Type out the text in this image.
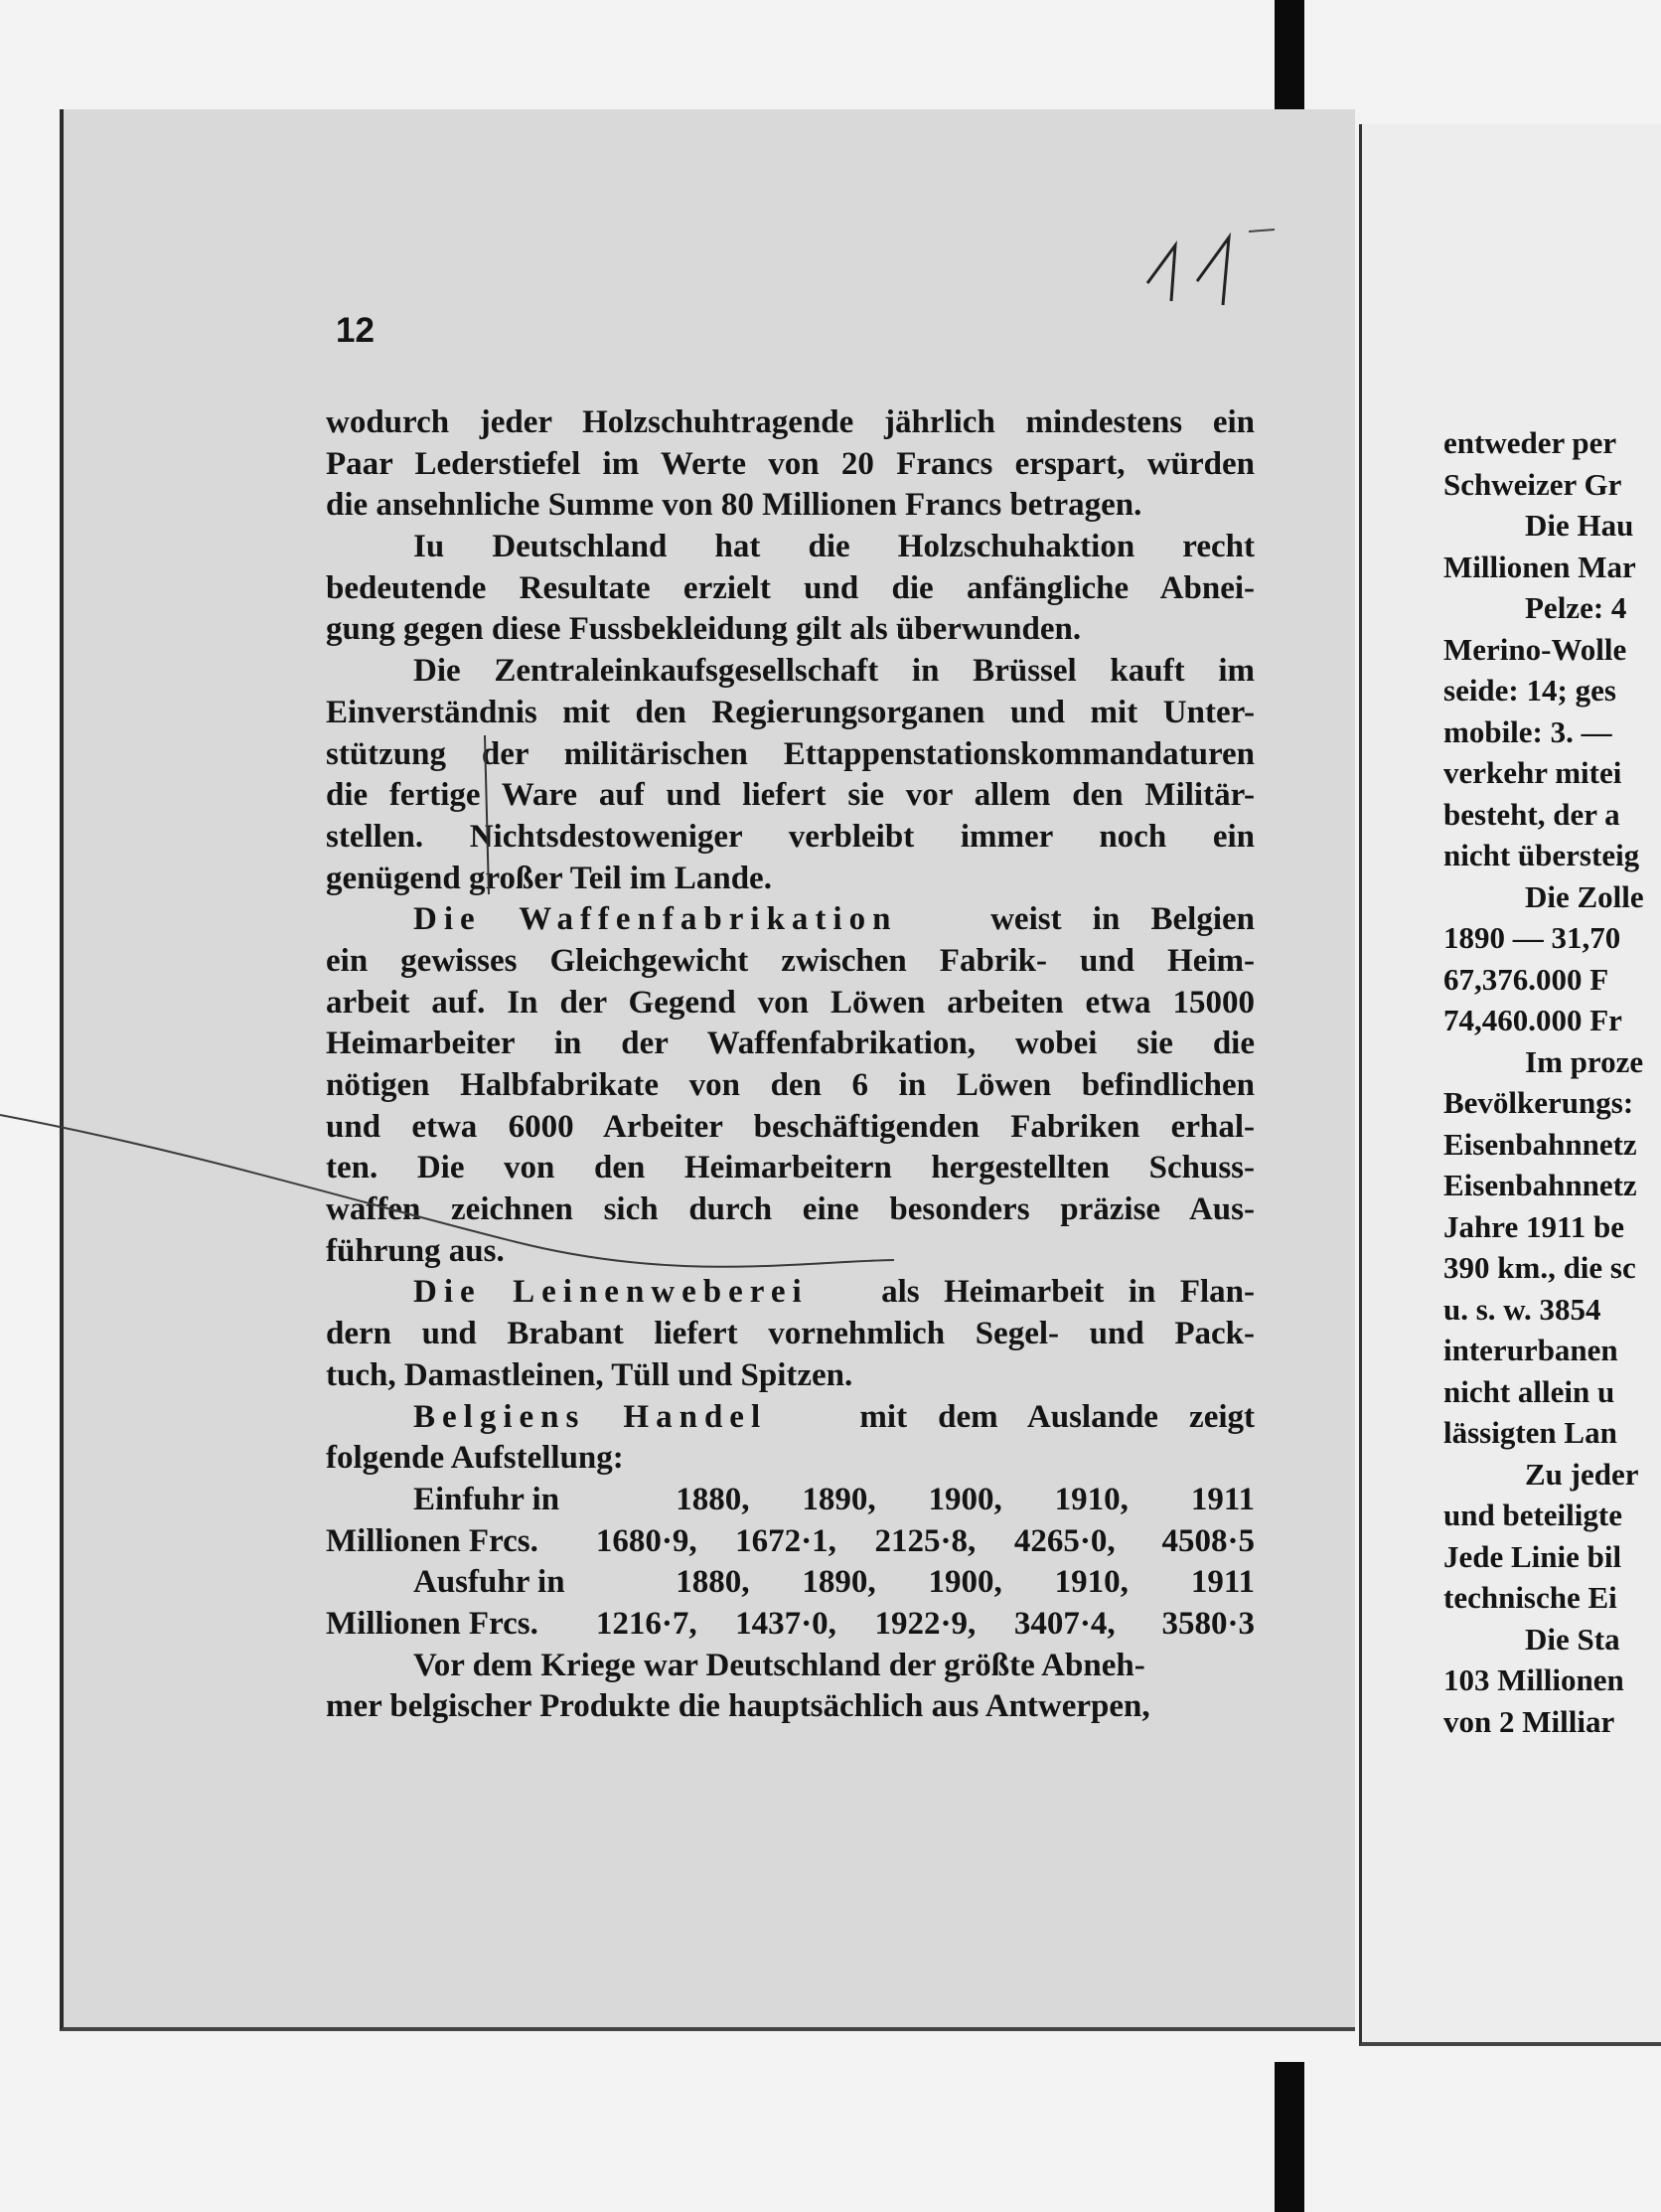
12
wodurch jeder Holzschuhtragende jährlich mindestens ein
Paar Lederstiefel im Werte von 20 Francs erspart, würden
die ansehnliche Summe von 80 Millionen Francs betragen.
Iu Deutschland hat die Holzschuhaktion recht
bedeutende Resultate erzielt und die anfängliche Abnei-
gung gegen diese Fussbekleidung gilt als überwunden.
Die Zentraleinkaufsgesellschaft in Brüssel kauft im
Einverständnis mit den Regierungsorganen und mit Unter-
stützung der militärischen Ettappenstationskommandaturen
die fertige Ware auf und liefert sie vor allem den Militär-
stellen. Nichtsdestoweniger verbleibt immer noch ein
genügend großer Teil im Lande.
Die Waffenfabrikation	weist in Belgien
ein gewisses Gleichgewicht zwischen Fabrik- und Heim-
arbeit auf. In der Gegend von Löwen arbeiten etwa 15000
Heimarbeiter in der Waffenfabrikation, wobei sie die
nötigen Halbfabrikate von den 6 in Löwen befindlichen
und etwa 6000 Arbeiter beschäftigenden Fabriken erhal-
ten. Die von den Heimarbeitern hergestellten Schuss-
waffen zeichnen sich durch eine besonders präzise Aus-
führung aus.
Die Leinenweberei als Heimarbeit in Flan-
dern und Brabant liefert vornehmlich Segel- und Pack-
tuch, Damastleinen, Tüll und Spitzen.
Belgiens Handel	mit dem Auslande zeigt
folgende Aufstellung:
Einfuhr in	1880,	1890,	1900,	1910,	1911
Millionen Frcs.	1680·9,	1672·1,	2125·8,	4265·0,	4508·5
Ausfuhr in	1880,	1890,	1900,	1910,	1911
Millionen Frcs.	1216·7,	1437·0,	1922·9,	3407·4,	3580·3
Vor dem Kriege war Deutschland der größte Abneh-
mer belgischer Produkte die hauptsächlich aus Antwerpen,
entweder per
Schweizer Gr
Die Hau
Millionen Mar
Pelze: 4
Merino-Wolle
seide: 14; ges
mobile: 3. —
verkehr mitei
besteht, der a
nicht übersteig
Die Zolle
1890 — 31,70
67,376.000 F
74,460.000 Fr
Im proze
Bevölkerungs:
Eisenbahnnetz
Eisenbahnnetz
Jahre 1911 be
390 km., die sc
u. s. w. 3854
interurbanen
nicht allein u
lässigten Lan
Zu jeder
und beteiligte
Jede Linie bil
technische Ei
Die Sta
103 Millionen
von 2 Milliar
